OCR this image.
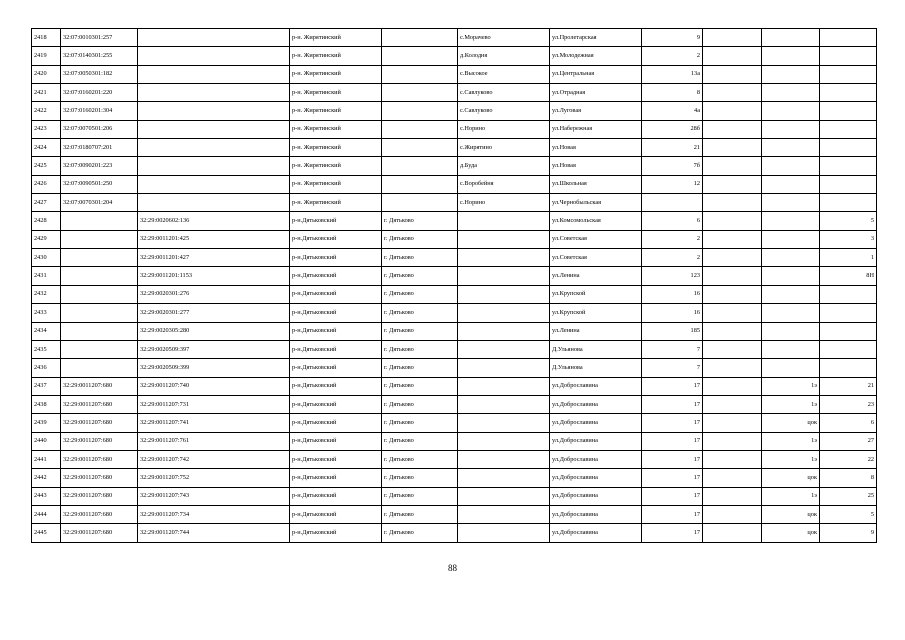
2418	32:07:0010301:257		р-н. Жирятинский		с.Морачево	ул.Пролетарская	9			
2419	32:07:0140301:255		р-н. Жирятинский		д.Колодня	ул.Молодежная	2			
2420	32:07:0050301:182		р-н. Жирятинский		с.Высокое	ул.Центральная	13а			
2421	32:07:0160201:220		р-н. Жирятинский		с.Савлуково	ул.Отрадная	8			
2422	32:07:0160201:304		р-н. Жирятинский		с.Савлуково	ул.Луговая	4а			
2423	32:07:0070501:206		р-н. Жирятинский		с.Норино	ул.Набережная	28б			
2424	32:07:0180707:201		р-н. Жирятинский		с.Жирятино	ул.Новая	21			
2425	32:07:0090201:223		р-н. Жирятинский		д.Буда	ул.Новая	7б			
2426	32:07:0090501:250		р-н. Жирятинский		с.Воробейня	ул.Школьная	12			
2427	32:07:0070301:204		р-н. Жирятинский		с.Норино	ул.Чернобыльская				
2428		32:29:0020602:136	р-н.Дятьковский	г. Дятьково		ул.Комсомольская	6			5
2429		32:29:0011201:425	р-н.Дятьковский	г. Дятьково		ул.Советская	2			3
2430		32:29:0011201:427	р-н.Дятьковский	г. Дятьково		ул.Советская	2			1
2431		32:29:0011201:1153	р-н.Дятьковский	г. Дятьково		ул.Ленина	123			8Н
2432		32:29:0020301:276	р-н.Дятьковский	г. Дятьково		ул.Крупской	16			
2433		32:29:0020301:277	р-н.Дятьковский	г. Дятьково		ул.Крупской	16			
2434		32:29:0020305:280	р-н.Дятьковский	г. Дятьково		ул.Ленина	185			
2435		32:29:0020509:397	р-н.Дятьковский	г. Дятьково		Д.Ульянова	7			
2436		32:29:0020509:399	р-н.Дятьковский	г. Дятьково		Д.Ульянова	7			
2437	32:29:0011207:680	32:29:0011207:740	р-н.Дятьковский	г. Дятьково		ул.Доброславина	17		1э	21
2438	32:29:0011207:680	32:29:0011207:731	р-н.Дятьковский	г. Дятьково		ул.Доброславина	17		1э	23
2439	32:29:0011207:680	32:29:0011207:741	р-н.Дятьковский	г. Дятьково		ул.Доброславина	17		цок	6
2440	32:29:0011207:680	32:29:0011207:761	р-н.Дятьковский	г. Дятьково		ул.Доброславина	17		1э	27
2441	32:29:0011207:680	32:29:0011207:742	р-н.Дятьковский	г. Дятьково		ул.Доброславина	17		1э	22
2442	32:29:0011207:680	32:29:0011207:752	р-н.Дятьковский	г. Дятьково		ул.Доброславина	17		цок	8
2443	32:29:0011207:680	32:29:0011207:743	р-н.Дятьковский	г. Дятьково		ул.Доброславина	17		1э	25
2444	32:29:0011207:680	32:29:0011207:734	р-н.Дятьковский	г. Дятьково		ул.Доброславина	17		цок	5
2445	32:29:0011207:680	32:29:0011207:744	р-н.Дятьковский	г. Дятьково		ул.Доброславина	17		цок	9
88
